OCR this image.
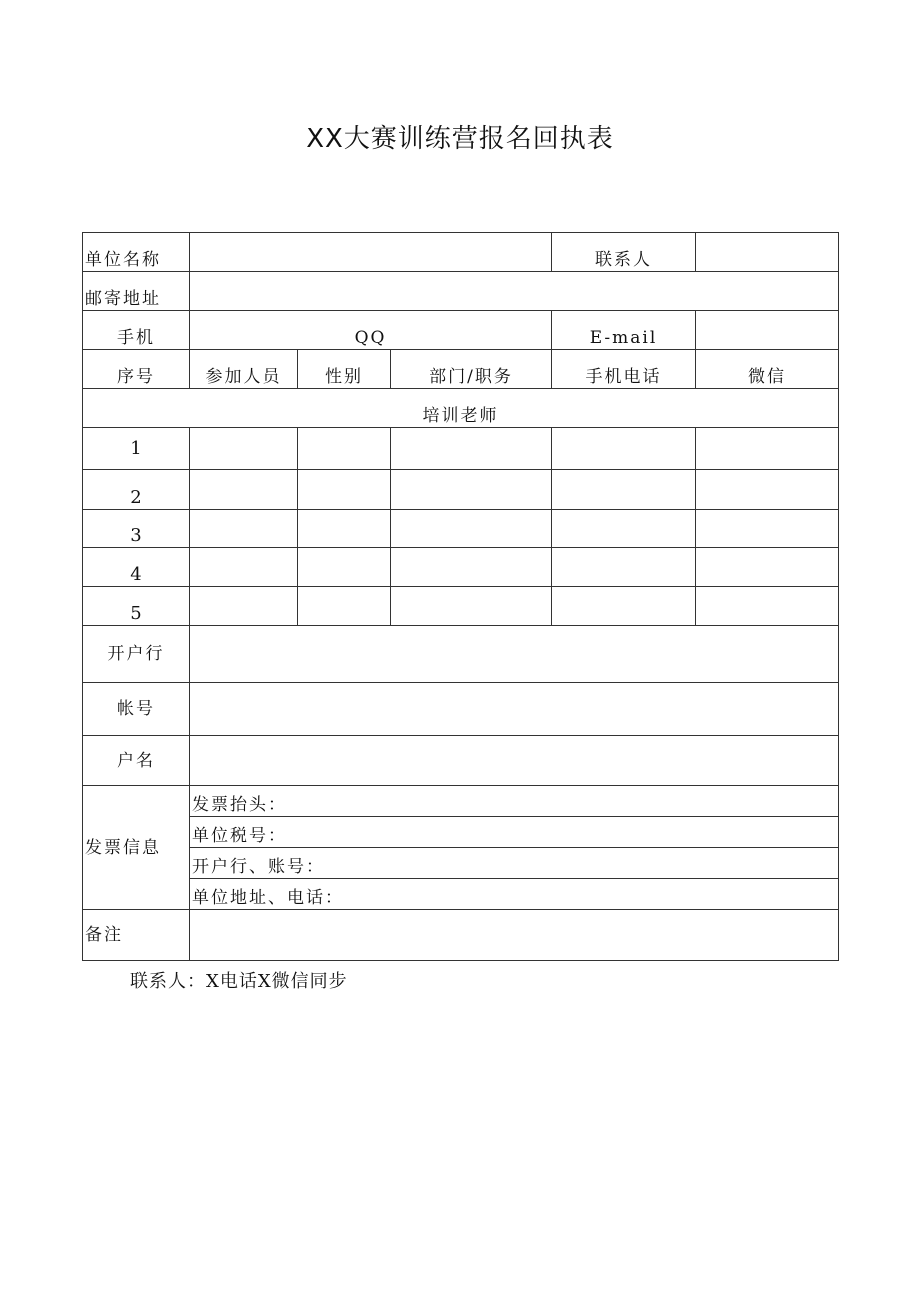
XX大赛训练营报名回执表
单位名称				联系人	
邮寄地址					
手机	QQ			E-mail	
序号	参加人员	性别	部门/职务	手机电话	微信
培训老师					
1					
2					
3					
4					
5					
开户行					
帐号					
户名					
发票信息	发票抬头：				
	单位税号：				
	开户行、账号：				
	单位地址、电话：				
备注					
联系人：X电话X微信同步
